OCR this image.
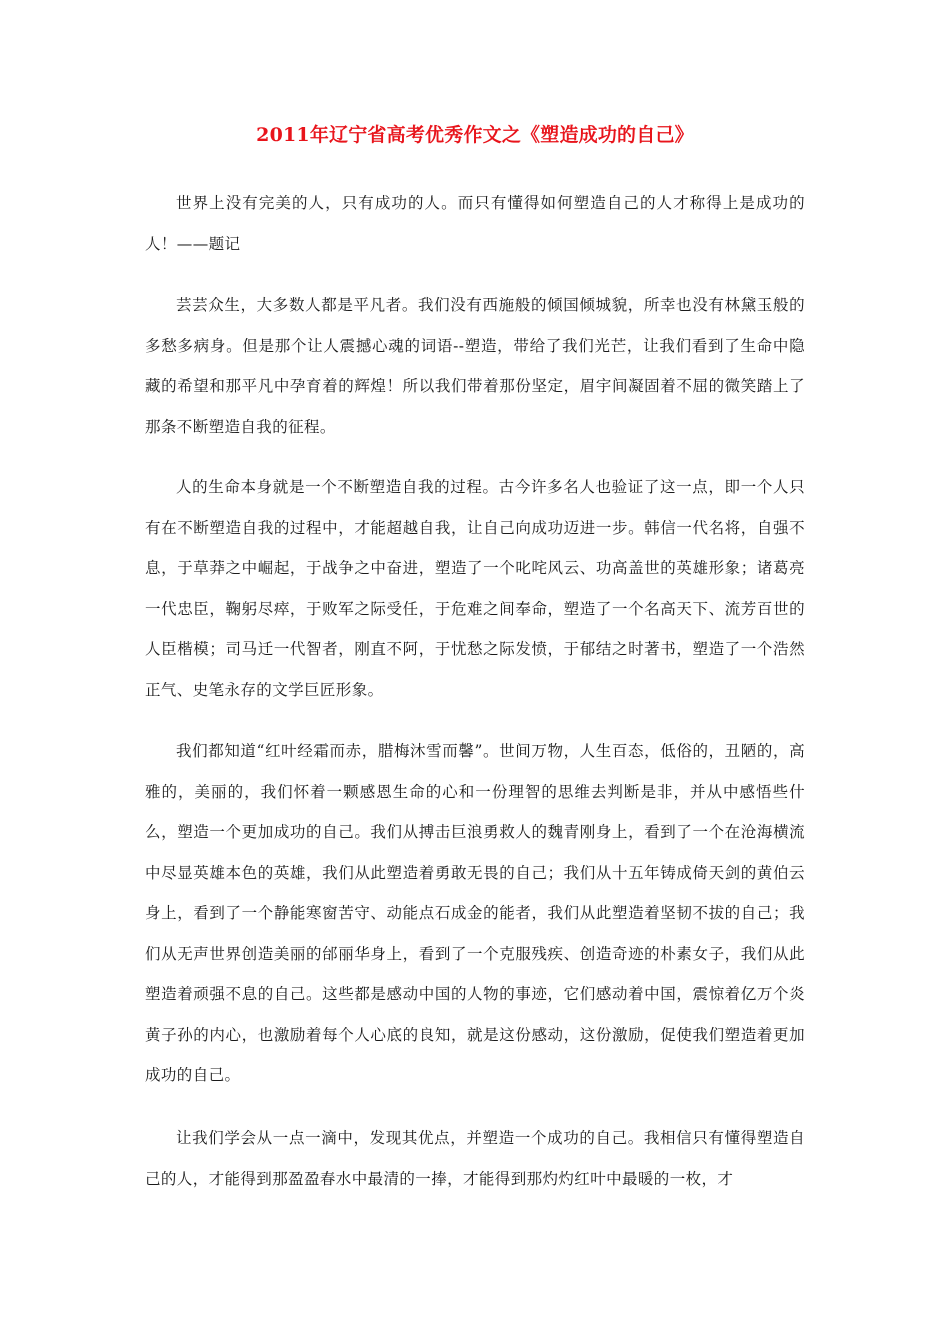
2011年辽宁省高考优秀作文之《塑造成功的自己》

世界上没有完美的人，只有成功的人。而只有懂得如何塑造自己的人才称得上是成功的人！——题记

芸芸众生，大多数人都是平凡者。我们没有西施般的倾国倾城貌，所幸也没有林黛玉般的多愁多病身。但是那个让人震撼心魂的词语--塑造，带给了我们光芒，让我们看到了生命中隐藏的希望和那平凡中孕育着的辉煌！所以我们带着那份坚定，眉宇间凝固着不屈的微笑踏上了那条不断塑造自我的征程。

人的生命本身就是一个不断塑造自我的过程。古今许多名人也验证了这一点，即一个人只有在不断塑造自我的过程中，才能超越自我，让自己向成功迈进一步。韩信一代名将，自强不息，于草莽之中崛起，于战争之中奋进，塑造了一个叱咤风云、功高盖世的英雄形象；诸葛亮一代忠臣，鞠躬尽瘁，于败军之际受任，于危难之间奉命，塑造了一个名高天下、流芳百世的人臣楷模；司马迁一代智者，刚直不阿，于忧愁之际发愤，于郁结之时著书，塑造了一个浩然正气、史笔永存的文学巨匠形象。

我们都知道“红叶经霜而赤，腊梅沐雪而馨”。世间万物，人生百态，低俗的，丑陋的，高雅的，美丽的，我们怀着一颗感恩生命的心和一份理智的思维去判断是非，并从中感悟些什么，塑造一个更加成功的自己。我们从搏击巨浪勇救人的魏青刚身上，看到了一个在沧海横流中尽显英雄本色的英雄，我们从此塑造着勇敢无畏的自己；我们从十五年铸成倚天剑的黄伯云身上，看到了一个静能寒窗苦守、动能点石成金的能者，我们从此塑造着坚韧不拔的自己；我们从无声世界创造美丽的邰丽华身上，看到了一个克服残疾、创造奇迹的朴素女子，我们从此塑造着顽强不息的自己。这些都是感动中国的人物的事迹，它们感动着中国，震惊着亿万个炎黄子孙的内心，也激励着每个人心底的良知，就是这份感动，这份激励，促使我们塑造着更加成功的自己。

让我们学会从一点一滴中，发现其优点，并塑造一个成功的自己。我相信只有懂得塑造自己的人，才能得到那盈盈春水中最清的一捧，才能得到那灼灼红叶中最暖的一枚，才
